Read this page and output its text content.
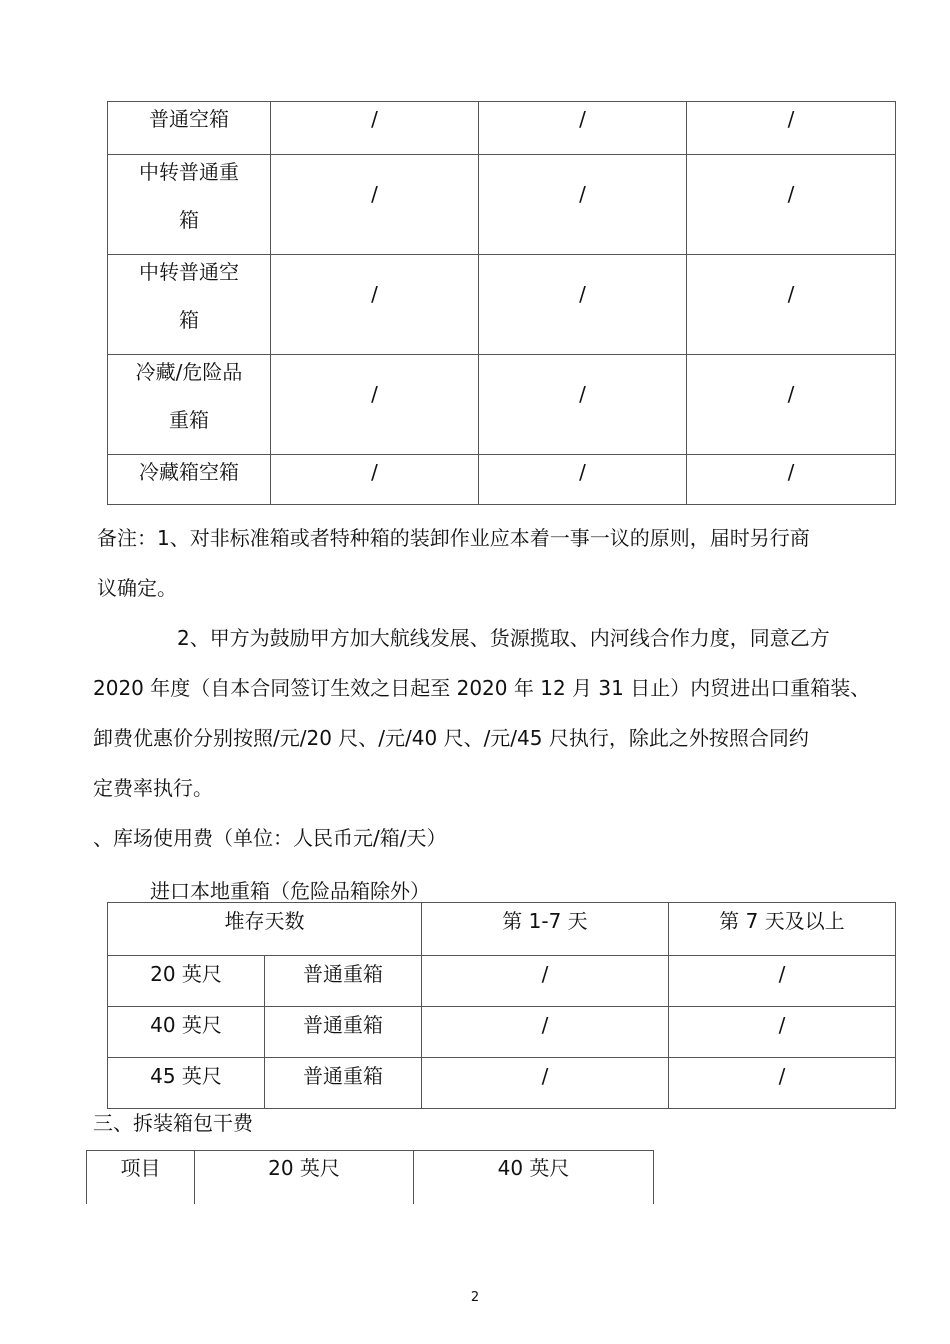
普通空箱	/	/	/

中转普通重
箱	/	/	/

中转普通空
箱	/	/	/

冷藏/危险品
重箱	/	/	/

冷藏箱空箱	/	/	/
备注：1、对非标准箱或者特种箱的装卸作业应本着一事一议的原则，届时另行商
议确定。
2、甲方为鼓励甲方加大航线发展、货源揽取、内河线合作力度，同意乙方
2020 年度（自本合同签订生效之日起至 2020 年 12 月 31 日止）内贸进出口重箱装、
卸费优惠价分别按照/元/20 尺、/元/40 尺、/元/45 尺执行，除此之外按照合同约
定费率执行。
、库场使用费（单位：人民币元/箱/天）
进口本地重箱（危险品箱除外）
堆存天数		第 1-7 天	第 7 天及以上
20 英尺	普通重箱	/	/
40 英尺	普通重箱	/	/
45 英尺	普通重箱	/	/
三、拆装箱包干费
项目	20 英尺	40 英尺
2
